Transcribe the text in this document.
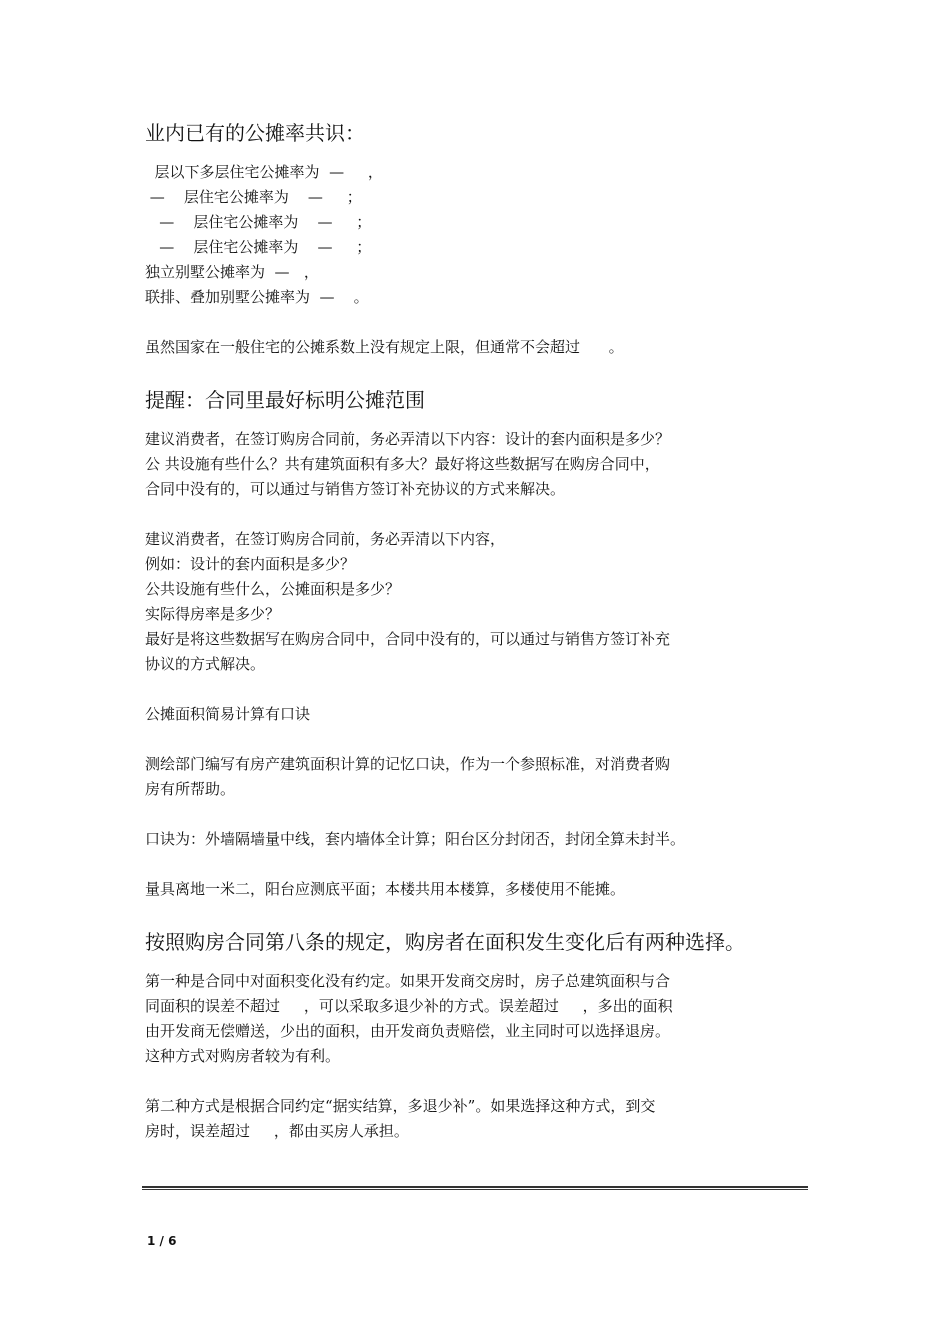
业内已有的公摊率共识：

层以下多层住宅公摊率为  —     ，

—    层住宅公摊率为    —     ；

—    层住宅公摊率为    —     ；

—    层住宅公摊率为    —     ；

独立别墅公摊率为  —   ，

联排、叠加别墅公摊率为  —    。

虽然国家在一般住宅的公摊系数上没有规定上限，但通常不会超过      。

提醒：合同里最好标明公摊范围

建议消费者，在签订购房合同前，务必弄清以下内容：设计的套内面积是多少？

公 共设施有些什么？共有建筑面积有多大？最好将这些数据写在购房合同中，

合同中没有的，可以通过与销售方签订补充协议的方式来解决。

建议消费者，在签订购房合同前，务必弄清以下内容，

例如：设计的套内面积是多少？

公共设施有些什么，公摊面积是多少？

实际得房率是多少？

最好是将这些数据写在购房合同中，合同中没有的，可以通过与销售方签订补充

协议的方式解决。

公摊面积简易计算有口诀

测绘部门编写有房产建筑面积计算的记忆口诀，作为一个参照标准，对消费者购

房有所帮助。

口诀为：外墙隔墙量中线，套内墙体全计算；阳台区分封闭否，封闭全算未封半。

量具离地一米二，阳台应测底平面；本楼共用本楼算，多楼使用不能摊。

按照购房合同第八条的规定，购房者在面积发生变化后有两种选择。

第一种是合同中对面积变化没有约定。如果开发商交房时，房子总建筑面积与合

同面积的误差不超过     ，可以采取多退少补的方式。误差超过     ，多出的面积

由开发商无偿赠送，少出的面积，由开发商负责赔偿，业主同时可以选择退房。

这种方式对购房者较为有利。

第二种方式是根据合同约定“据实结算，多退少补”。如果选择这种方式，到交

房时，误差超过     ，都由买房人承担。

1 / 6
